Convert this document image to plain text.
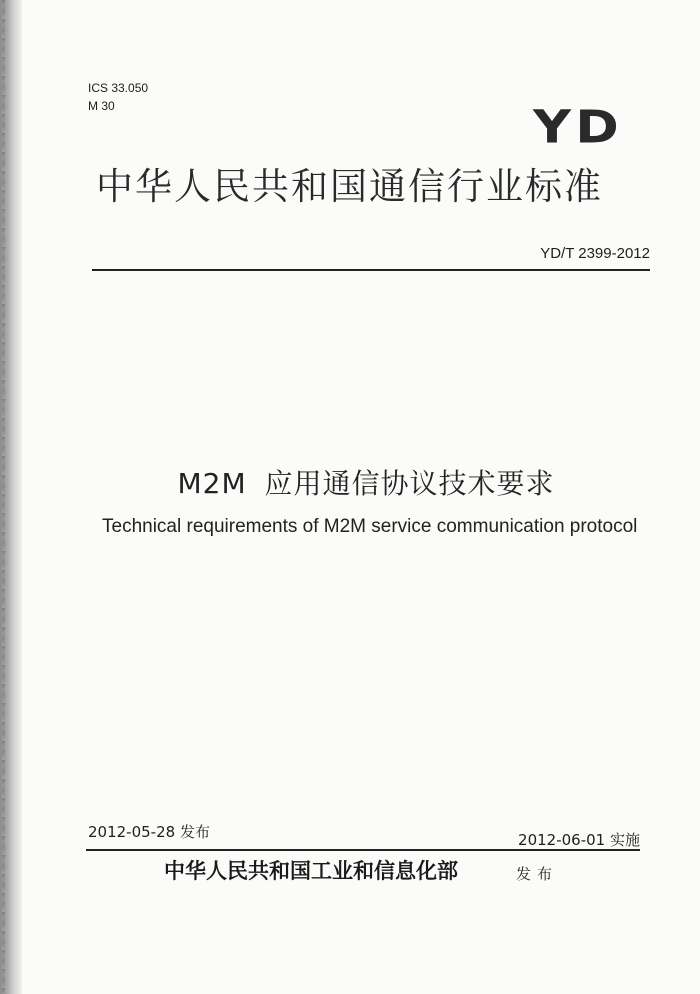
ICS 33.050
M 30	YD
中华人民共和国通信行业标准
YD/T 2399-2012
M2M 应用通信协议技术要求
Technical requirements of M2M service communication protocol
2012-05-28 发布	2012-06-01 实施
中华人民共和国工业和信息化部	发布
